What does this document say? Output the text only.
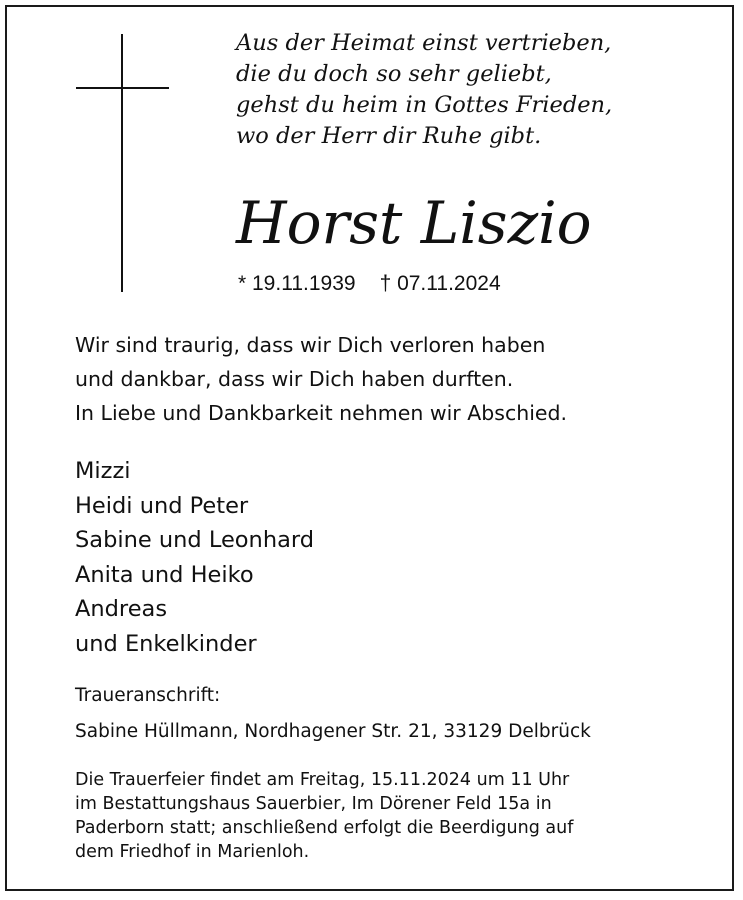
Aus der Heimat einst vertrieben,
die du doch so sehr geliebt,
gehst du heim in Gottes Frieden,
wo der Herr dir Ruhe gibt.
Horst Liszio
* 19.11.1939 † 07.11.2024
Wir sind traurig, dass wir Dich verloren haben
und dankbar, dass wir Dich haben durften.
In Liebe und Dankbarkeit nehmen wir Abschied.
Mizzi
Heidi und Peter
Sabine und Leonhard
Anita und Heiko
Andreas
und Enkelkinder
Traueranschrift:
Sabine Hüllmann, Nordhagener Str. 21, 33129 Delbrück
Die Trauerfeier findet am Freitag, 15.11.2024 um 11 Uhr
im Bestattungshaus Sauerbier, Im Dörener Feld 15a in
Paderborn statt; anschließend erfolgt die Beerdigung auf
dem Friedhof in Marienloh.
